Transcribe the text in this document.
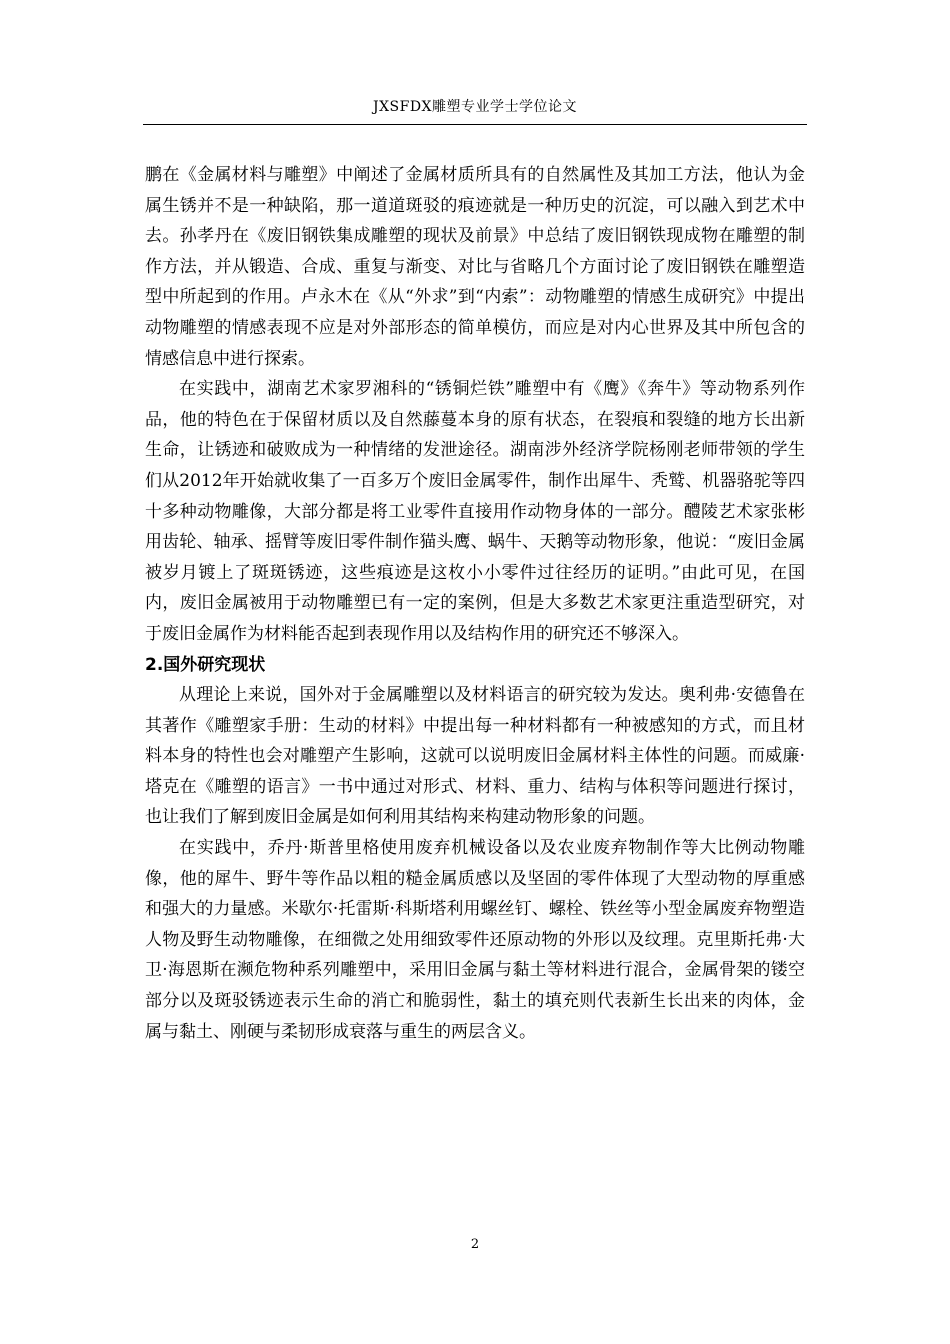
JXSFDX雕塑专业学士学位论文

鹏在《金属材料与雕塑》中阐述了金属材质所具有的自然属性及其加工方法，他认为金属生锈并不是一种缺陷，那一道道斑驳的痕迹就是一种历史的沉淀，可以融入到艺术中去。孙孝丹在《废旧钢铁集成雕塑的现状及前景》中总结了废旧钢铁现成物在雕塑的制作方法，并从锻造、合成、重复与渐变、对比与省略几个方面讨论了废旧钢铁在雕塑造型中所起到的作用。卢永木在《从“外求”到“内索”：动物雕塑的情感生成研究》中提出动物雕塑的情感表现不应是对外部形态的简单模仿，而应是对内心世界及其中所包含的情感信息中进行探索。

在实践中，湖南艺术家罗湘科的“锈铜烂铁”雕塑中有《鹰》《奔牛》等动物系列作品，他的特色在于保留材质以及自然藤蔓本身的原有状态，在裂痕和裂缝的地方长出新生命，让锈迹和破败成为一种情绪的发泄途径。湖南涉外经济学院杨刚老师带领的学生们从2012年开始就收集了一百多万个废旧金属零件，制作出犀牛、秃鹫、机器骆驼等四十多种动物雕像，大部分都是将工业零件直接用作动物身体的一部分。醴陵艺术家张彬用齿轮、轴承、摇臂等废旧零件制作猫头鹰、蜗牛、天鹅等动物形象，他说：“废旧金属被岁月镀上了斑斑锈迹，这些痕迹是这枚小小零件过往经历的证明。”由此可见，在国内，废旧金属被用于动物雕塑已有一定的案例，但是大多数艺术家更注重造型研究，对于废旧金属作为材料能否起到表现作用以及结构作用的研究还不够深入。

2.国外研究现状

从理论上来说，国外对于金属雕塑以及材料语言的研究较为发达。奥利弗·安德鲁在其著作《雕塑家手册：生动的材料》中提出每一种材料都有一种被感知的方式，而且材料本身的特性也会对雕塑产生影响，这就可以说明废旧金属材料主体性的问题。而威廉·塔克在《雕塑的语言》一书中通过对形式、材料、重力、结构与体积等问题进行探讨，也让我们了解到废旧金属是如何利用其结构来构建动物形象的问题。

在实践中，乔丹·斯普里格使用废弃机械设备以及农业废弃物制作等大比例动物雕像，他的犀牛、野牛等作品以粗的糙金属质感以及坚固的零件体现了大型动物的厚重感和强大的力量感。米歇尔·托雷斯·科斯塔利用螺丝钉、螺栓、铁丝等小型金属废弃物塑造人物及野生动物雕像，在细微之处用细致零件还原动物的外形以及纹理。克里斯托弗·大卫·海恩斯在濒危物种系列雕塑中，采用旧金属与黏土等材料进行混合，金属骨架的镂空部分以及斑驳锈迹表示生命的消亡和脆弱性，黏土的填充则代表新生长出来的肉体，金属与黏土、刚硬与柔韧形成衰落与重生的两层含义。

2
